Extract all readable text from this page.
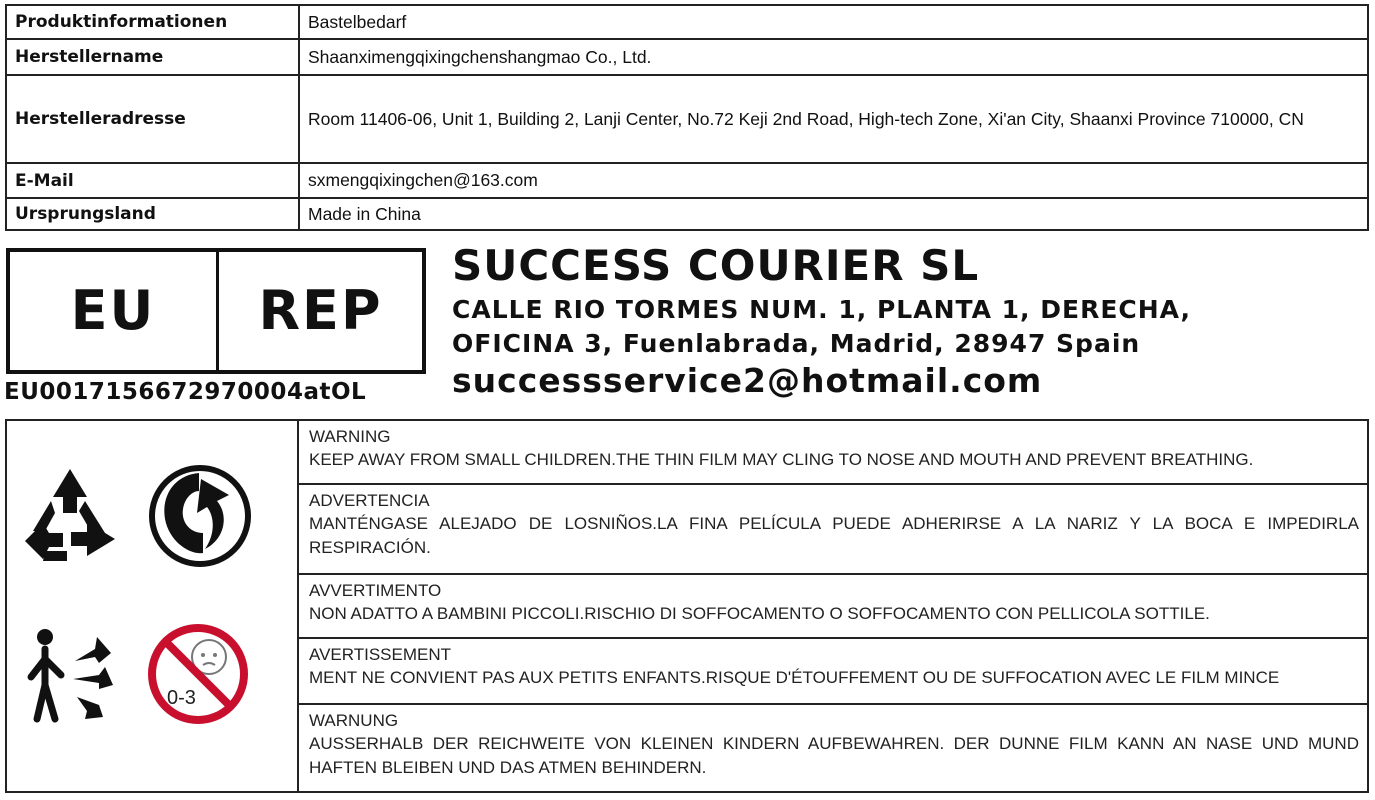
Produktinformationen	Bastelbedarf
Herstellername	Shaanximengqixingchenshangmao Co., Ltd.
Herstelleradresse	Room 11406-06, Unit 1, Building 2, Lanji Center, No.72 Keji 2nd Road, High-tech Zone, Xi'an City, Shaanxi Province 710000, CN
E-Mail	sxmengqixingchen@163.com
Ursprungsland	Made in China
EU	REP
EU0017156672970004atOL
SUCCESS COURIER SL
CALLE RIO TORMES NUM. 1, PLANTA 1, DERECHA,
OFICINA 3, Fuenlabrada, Madrid, 28947 Spain
successservice2@hotmail.com
0-3
WARNING
KEEP AWAY FROM SMALL CHILDREN.THE THIN FILM MAY CLING TO NOSE AND MOUTH AND PREVENT BREATHING.
ADVERTENCIA
MANTÉNGASE ALEJADO DE LOSNIÑOS.LA FINA PELÍCULA PUEDE ADHERIRSE A LA NARIZ Y LA BOCA E IMPEDIRLA RESPIRACIÓN.
AVVERTIMENTO
NON ADATTO A BAMBINI PICCOLI.RISCHIO DI SOFFOCAMENTO O SOFFOCAMENTO CON PELLICOLA SOTTILE.
AVERTISSEMENT
MENT NE CONVIENT PAS AUX PETITS ENFANTS.RISQUE D'ÉTOUFFEMENT OU DE SUFFOCATION AVEC LE FILM MINCE
WARNUNG
AUSSERHALB DER REICHWEITE VON KLEINEN KINDERN AUFBEWAHREN. DER DUNNE FILM KANN AN NASE UND MUND HAFTEN BLEIBEN UND DAS ATMEN BEHINDERN.
